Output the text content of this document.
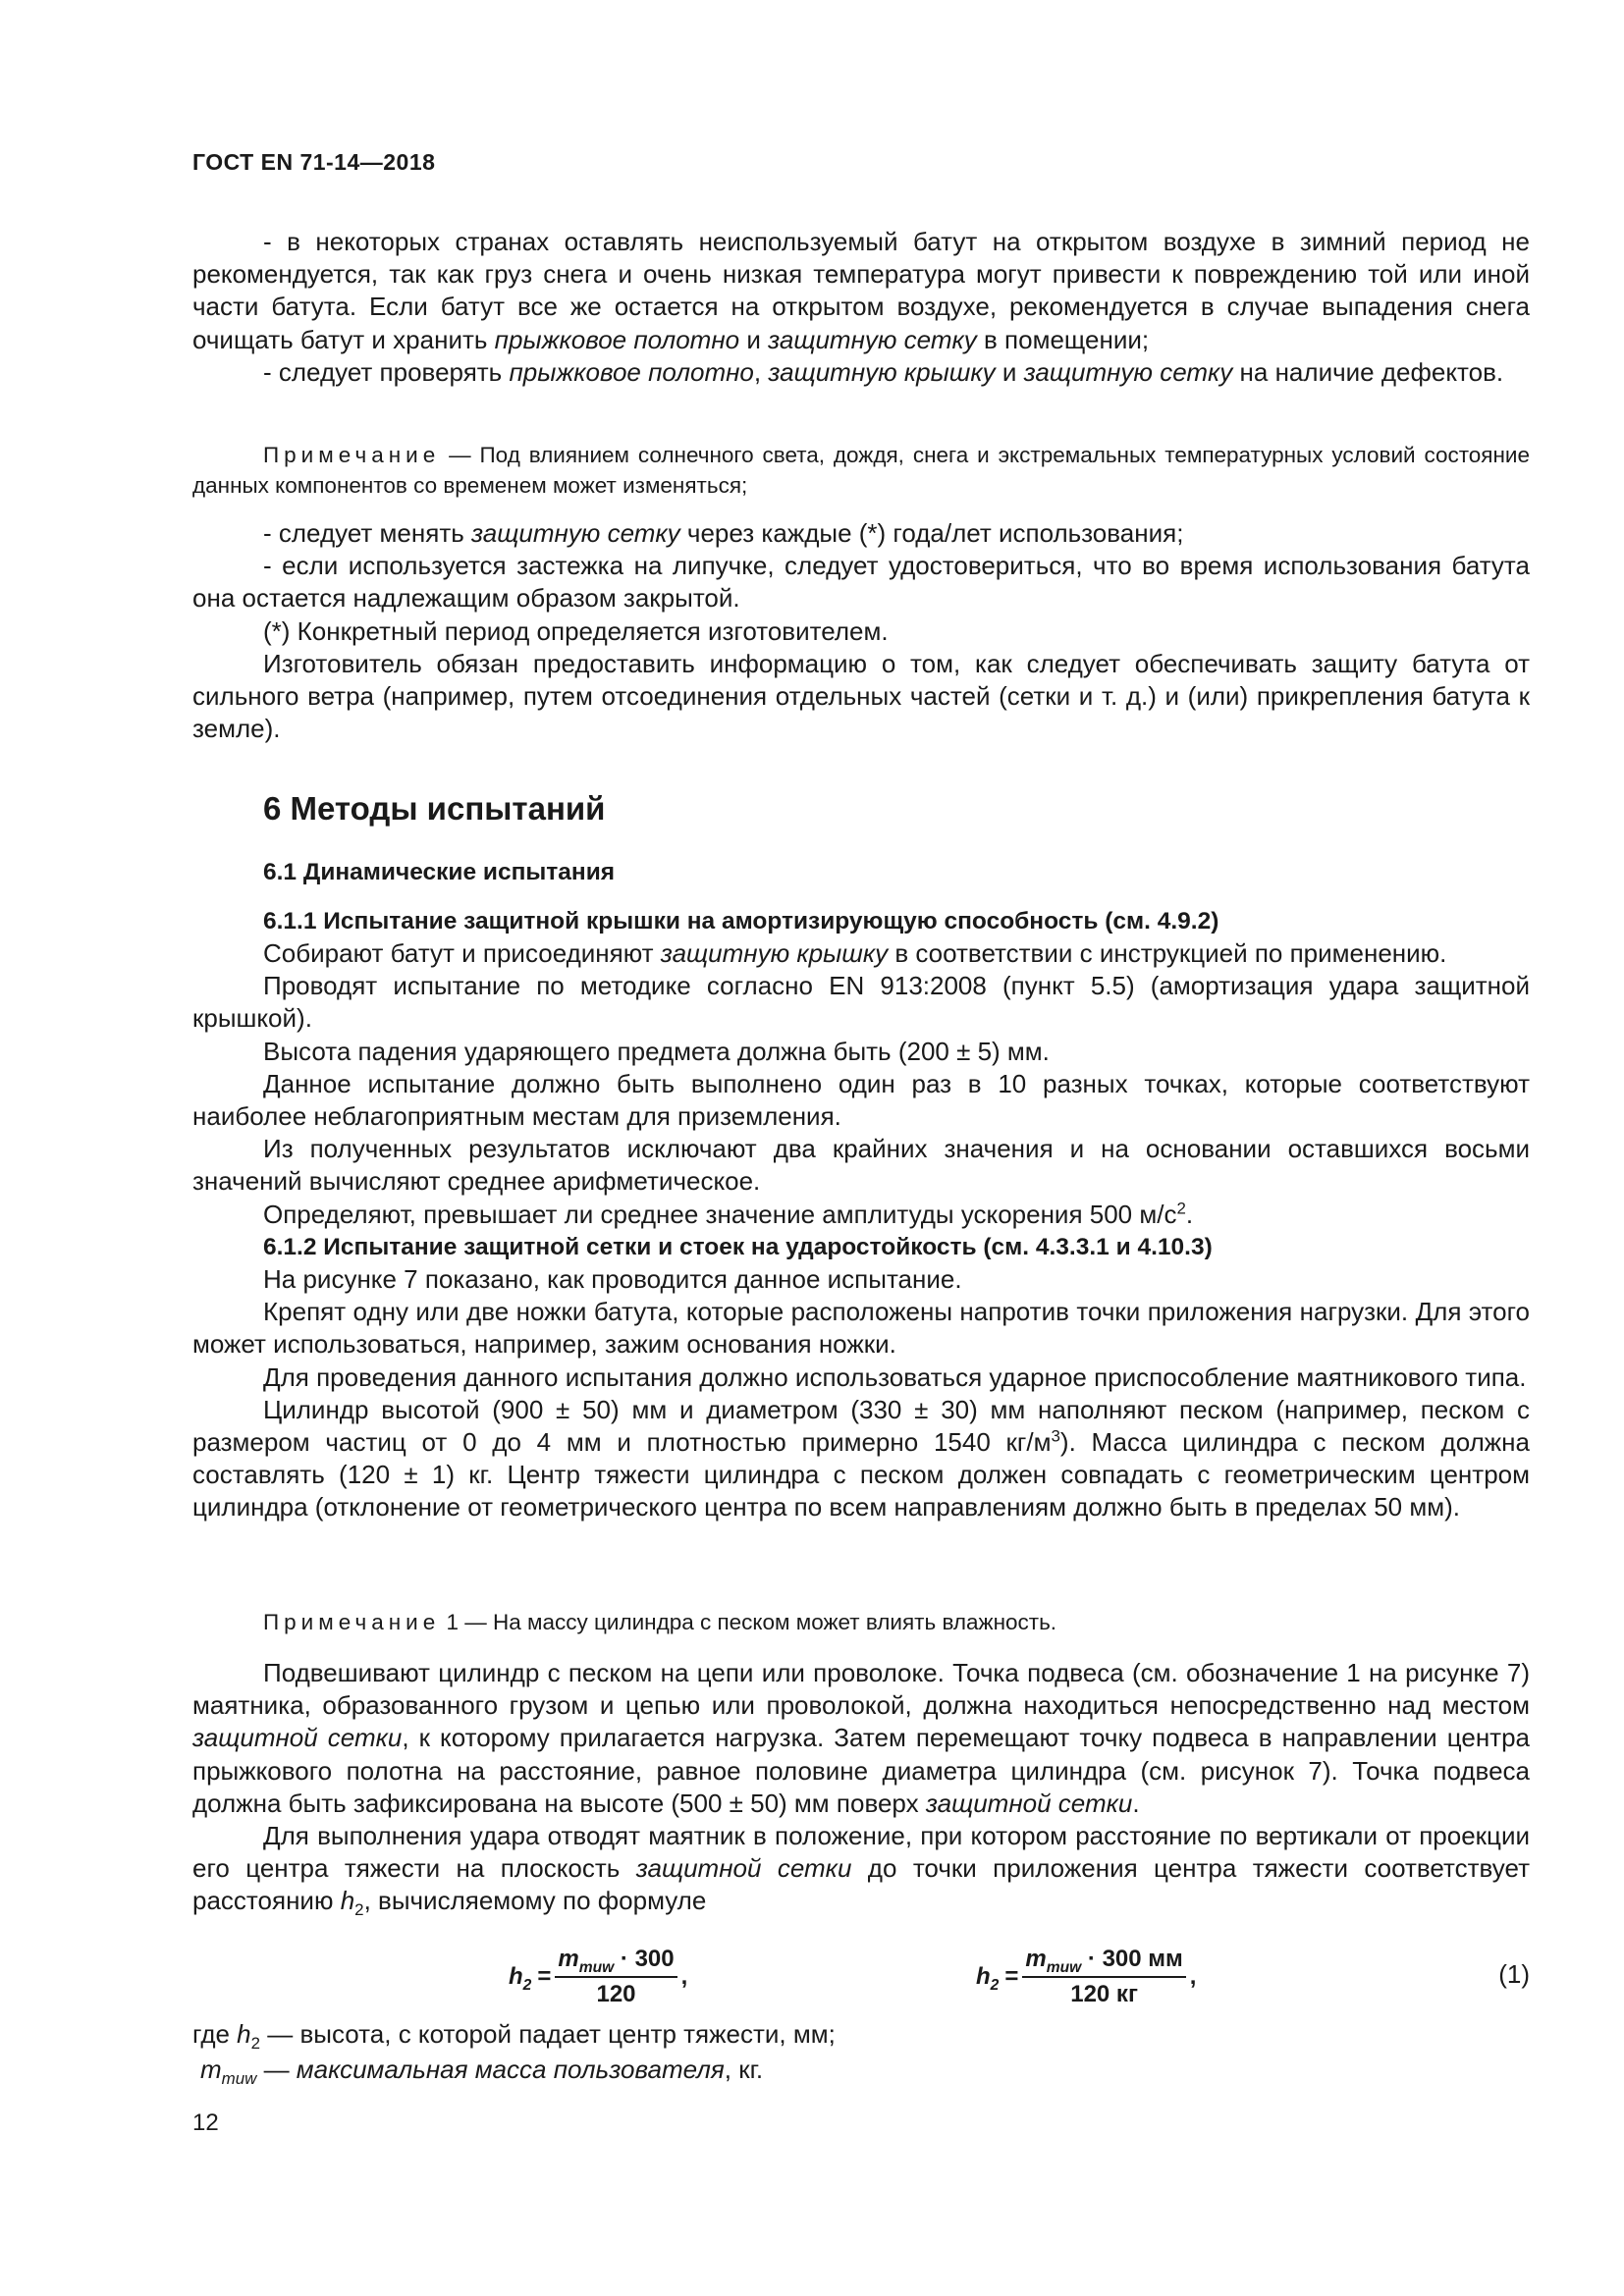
ГОСТ EN 71-14—2018

- в некоторых странах оставлять неиспользуемый батут на открытом воздухе в зимний период не рекомендуется, так как груз снега и очень низкая температура могут привести к повреждению той или иной части батута. Если батут все же остается на открытом воздухе, рекомендуется в случае выпадения снега очищать батут и хранить прыжковое полотно и защитную сетку в помещении;

- следует проверять прыжковое полотно, защитную крышку и защитную сетку на наличие дефектов.

Примечание — Под влиянием солнечного света, дождя, снега и экстремальных температурных условий состояние данных компонентов со временем может изменяться;

- следует менять защитную сетку через каждые (*) года/лет использования;

- если используется застежка на липучке, следует удостовериться, что во время использования батута она остается надлежащим образом закрытой.

(*) Конкретный период определяется изготовителем.

Изготовитель обязан предоставить информацию о том, как следует обеспечивать защиту батута от сильного ветра (например, путем отсоединения отдельных частей (сетки и т. д.) и (или) прикрепления батута к земле).

6 Методы испытаний
6.1 Динамические испытания
6.1.1 Испытание защитной крышки на амортизирующую способность (см. 4.9.2)

Собирают батут и присоединяют защитную крышку в соответствии с инструкцией по применению.

Проводят испытание по методике согласно EN 913:2008 (пункт 5.5) (амортизация удара защитной крышкой).

Высота падения ударяющего предмета должна быть (200 ± 5) мм.

Данное испытание должно быть выполнено один раз в 10 разных точках, которые соответствуют наиболее неблагоприятным местам для приземления.

Из полученных результатов исключают два крайних значения и на основании оставшихся восьми значений вычисляют среднее арифметическое.

Определяют, превышает ли среднее значение амплитуды ускорения 500 $м/с^2$.

6.1.2 Испытание защитной сетки и стоек на ударостойкость (см. 4.3.3.1 и 4.10.3)

На рисунке 7 показано, как проводится данное испытание.

Крепят одну или две ножки батута, которые расположены напротив точки приложения нагрузки. Для этого может использоваться, например, зажим основания ножки.

Для проведения данного испытания должно использоваться ударное приспособление маятникового типа.

Цилиндр высотой (900 ± 50) мм и диаметром (330 ± 30) мм наполняют песком (например, песком с размером частиц от 0 до 4 мм и плотностью примерно 1540 $кг/м^3$). Масса цилиндра с песком должна составлять (120 ± 1) кг. Центр тяжести цилиндра с песком должен совпадать с геометрическим центром цилиндра (отклонение от геометрического центра по всем направлениям должно быть в пределах 50 мм).

Примечание 1 — На массу цилиндра с песком может влиять влажность.

Подвешивают цилиндр с песком на цепи или проволоке. Точка подвеса (см. обозначение 1 на рисунке 7) маятника, образованного грузом и цепью или проволокой, должна находиться непосредственно над местом защитной сетки, к которому прилагается нагрузка. Затем перемещают точку подвеса в направлении центра прыжкового полотна на расстояние, равное половине диаметра цилиндра (см. рисунок 7). Точка подвеса должна быть зафиксирована на высоте (500 ± 50) мм поверх защитной сетки.

Для выполнения удара отводят маятник в положение, при котором расстояние по вертикали от проекции его центра тяжести на плоскость защитной сетки до точки приложения центра тяжести соответствует расстоянию $h_2$, вычисляемому по формуле

$h_2 = \frac{m_{muw} \cdot 300}{120}$ ,	$h_2 = \frac{m_{muw} \cdot 300 мм}{120 кг}$ ,	(1)
где $h_2$ — высота, с которой падает центр тяжести, мм;
$m_{muw}$ — максимальная масса пользователя, кг.
12
